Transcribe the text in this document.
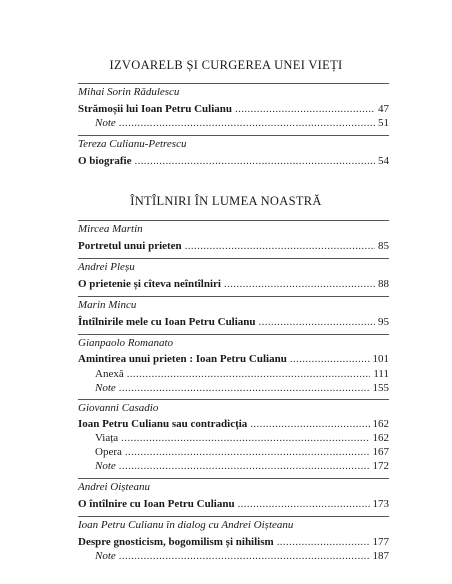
IZVOARELB ȘI CURGEREA UNEI VIEȚI
Mihai Sorin Rădulescu
Strămoșii lui Ioan Petru Culianu . . .	47
Note . . .	51
Tereza Culianu-Petrescu
O biografie . . .	54
ÎNTÎLNIRI ÎN LUMEA NOASTRĂ
Mircea Martin
Portretul unui prieten . . .	85
Andrei Pleșu
O prietenie și cîteva neîntîlniri . . .	88
Marin Mincu
Întîlnirile mele cu Ioan Petru Culianu . . .	95
Gianpaolo Romanato
Amintirea unui prieten : Ioan Petru Culianu . . .	101
Anexă . . .	111
Note . . .	155
Giovanni Casadio
Ioan Petru Culianu sau contradicția . . .	162
Viața . . .	162
Opera . . .	167
Note . . .	172
Andrei Oișteanu
O întîlnire cu Ioan Petru Culianu . . .	173
Ioan Petru Culianu în dialog cu Andrei Oișteanu
Despre gnosticism, bogomilism și nihilism . . .	177
Note . . .	187
